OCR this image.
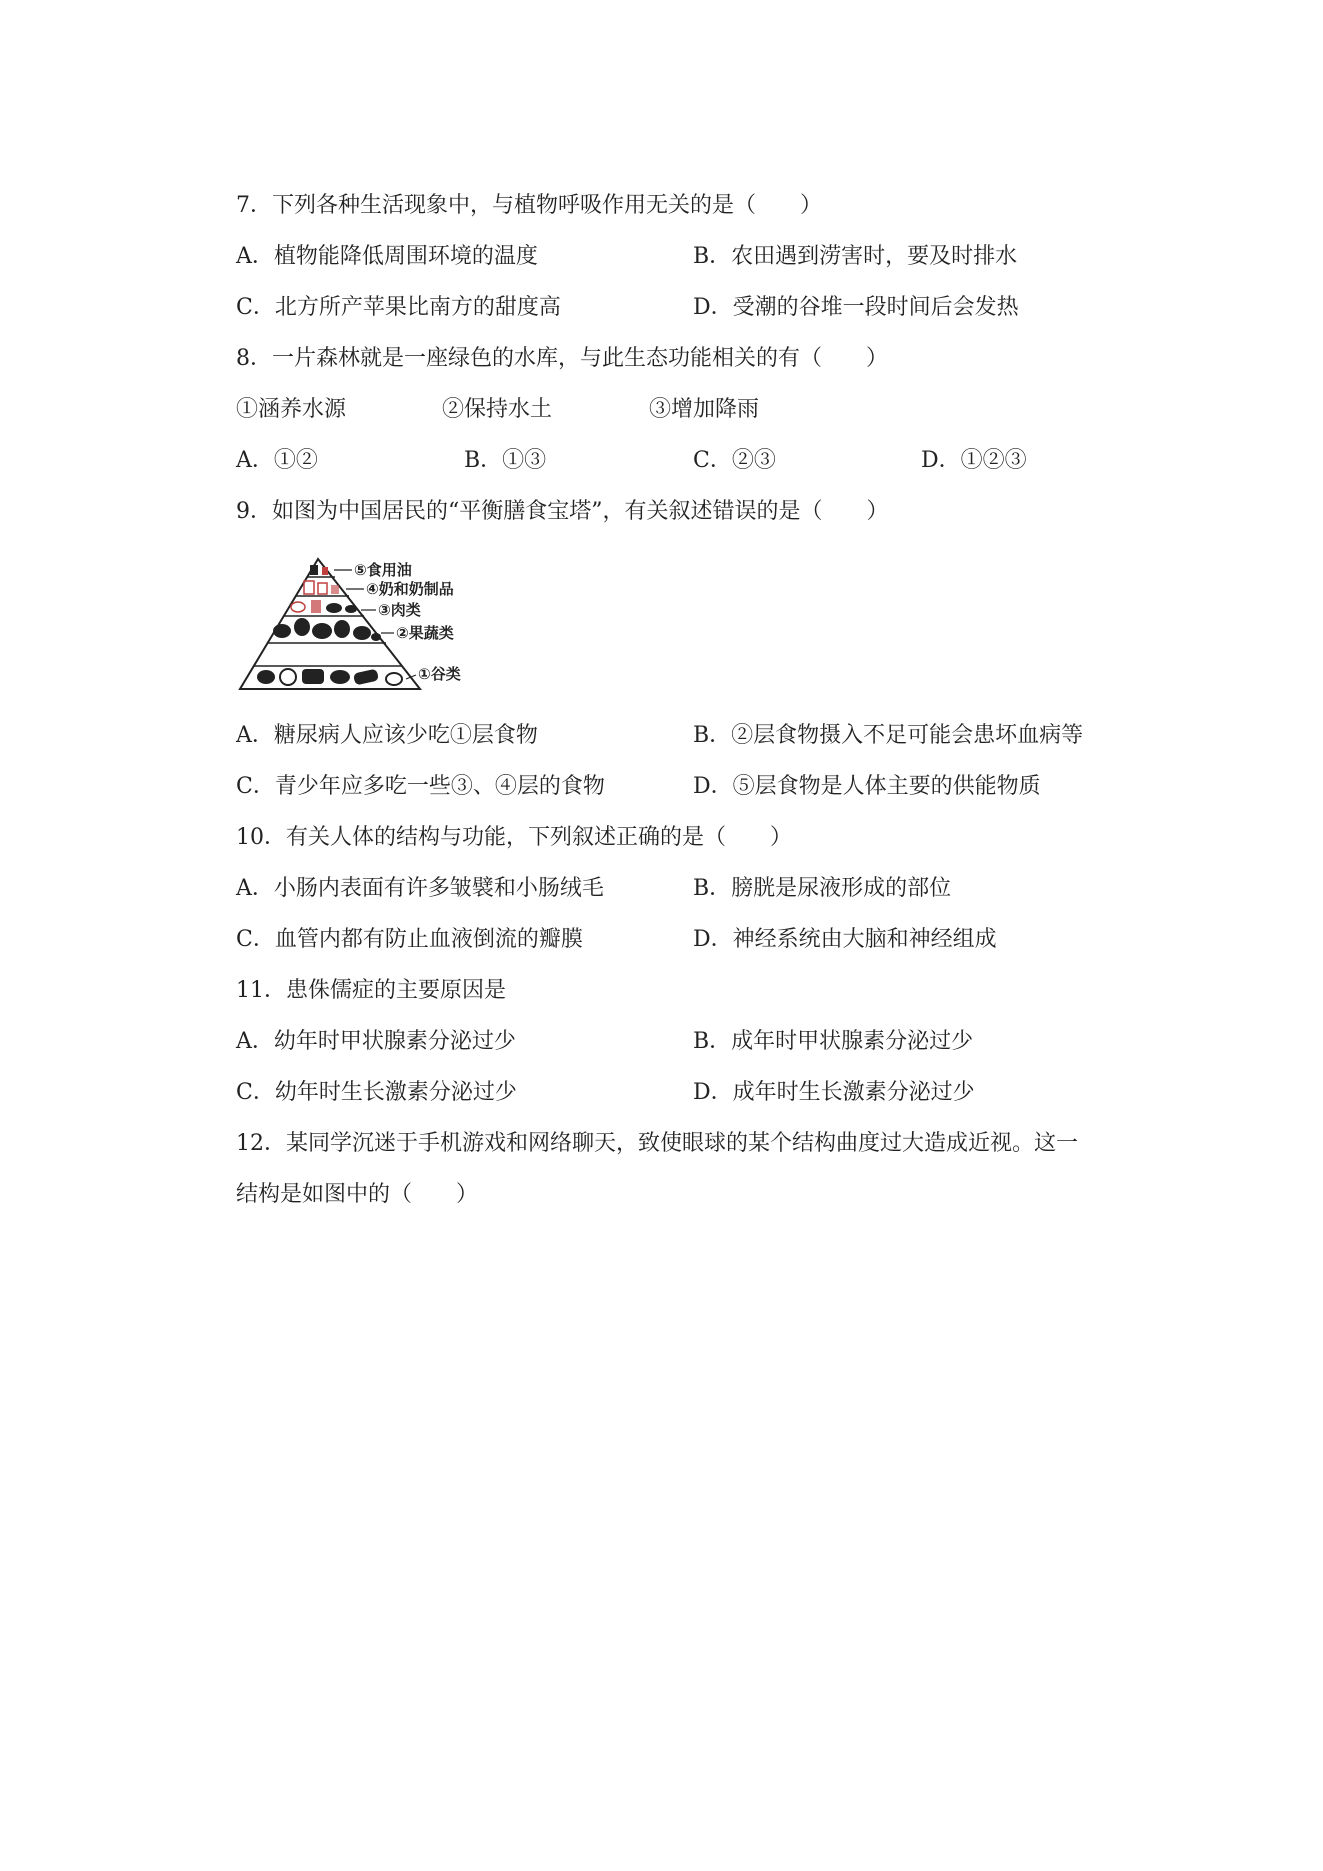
7．下列各种生活现象中，与植物呼吸作用无关的是（　　）
A．植物能降低周围环境的温度	B．农田遇到涝害时，要及时排水
C．北方所产苹果比南方的甜度高	D．受潮的谷堆一段时间后会发热
8．一片森林就是一座绿色的水库，与此生态功能相关的有（　　）
①涵养水源	②保持水土	③增加降雨
A．①②	B．①③	C．②③	D．①②③
9．如图为中国居民的“平衡膳食宝塔”，有关叙述错误的是（　　）
⑤食用油
④奶和奶制品
③肉类
②果蔬类
①谷类
A．糖尿病人应该少吃①层食物	B．②层食物摄入不足可能会患坏血病等
C．青少年应多吃一些③、④层的食物	D．⑤层食物是人体主要的供能物质
10．有关人体的结构与功能，下列叙述正确的是（　　）
A．小肠内表面有许多皱襞和小肠绒毛	B．膀胱是尿液形成的部位
C．血管内都有防止血液倒流的瓣膜	D．神经系统由大脑和神经组成
11．患侏儒症的主要原因是
A．幼年时甲状腺素分泌过少	B．成年时甲状腺素分泌过少
C．幼年时生长激素分泌过少	D．成年时生长激素分泌过少
12．某同学沉迷于手机游戏和网络聊天，致使眼球的某个结构曲度过大造成近视。这一
结构是如图中的（　　）
